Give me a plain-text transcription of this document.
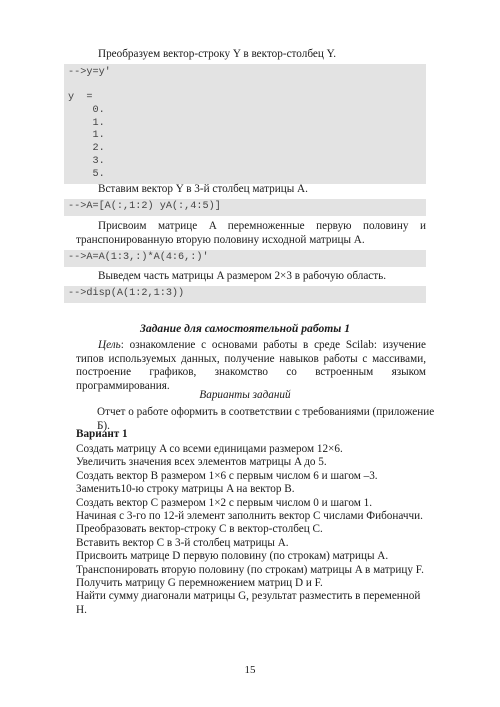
Преобразуем вектор-строку Y в вектор-столбец Y.

-->y=y'
y  =
0.
1.
1.
2.
3.
5.

Вставим вектор Y в 3-й столбец матрицы A.

-->A=[A(:,1:2) yA(:,4:5)]

Присвоим матрице A перемноженные первую половину и транспонированную вторую половину исходной матрицы A.

-->A=A(1:3,:)*A(4:6,:)'

Выведем часть матрицы A размером 2×3 в рабочую область.

-->disp(A(1:2,1:3))

Задание для самостоятельной работы 1

Цель: ознакомление с основами работы в среде Scilab: изучение типов используемых данных, получение навыков работы с массивами, построение графиков, знакомство со встроенным языком программирования.

Варианты заданий

Отчет о работе оформить в соответствии с требованиями (приложение Б).

Вариант 1

Создать матрицу A со всеми единицами размером 12×6.
Увеличить значения всех элементов матрицы A до 5.
Создать вектор B размером 1×6 с первым числом 6 и шагом –3.
Заменить10-ю строку матрицы A на вектор B.
Создать вектор C размером 1×2 с первым числом 0 и шагом 1.
Начиная с 3-го по 12-й элемент заполнить вектор C числами Фибоначчи.
Преобразовать вектор-строку C в вектор-столбец C.
Вставить вектор C в 3-й столбец матрицы A.
Присвоить матрице D первую половину (по строкам) матрицы A.
Транспонировать вторую половину (по строкам) матрицы A в матрицу F.
Получить матрицу G перемножением матриц D и F.
Найти сумму диагонали матрицы G, результат разместить в переменной H.
15
